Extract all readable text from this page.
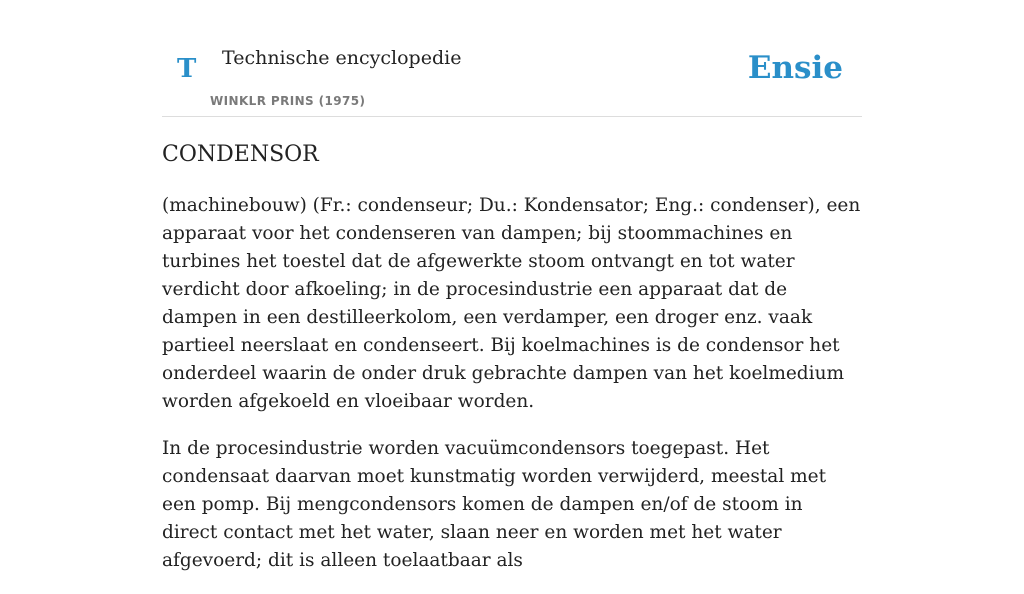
T Technische encyclopedie
WINKLR PRINS (1975)
Ensie
CONDENSOR

(machinebouw) (Fr.: condenseur; Du.: Kondensator; Eng.: condenser), een apparaat voor het condenseren van dampen; bij stoommachines en turbines het toestel dat de afgewerkte stoom ontvangt en tot water verdicht door afkoeling; in de procesindustrie een apparaat dat de dampen in een destilleerkolom, een verdamper, een droger enz. vaak partieel neerslaat en condenseert. Bij koelmachines is de condensor het onderdeel waarin de onder druk gebrachte dampen van het koelmedium worden afgekoeld en vloeibaar worden.

In de procesindustrie worden vacuümcondensors toegepast. Het condensaat daarvan moet kunstmatig worden verwijderd, meestal met een pomp. Bij mengcondensors komen de dampen en/of de stoom in direct contact met het water, slaan neer en worden met het water afgevoerd; dit is alleen toelaatbaar als
